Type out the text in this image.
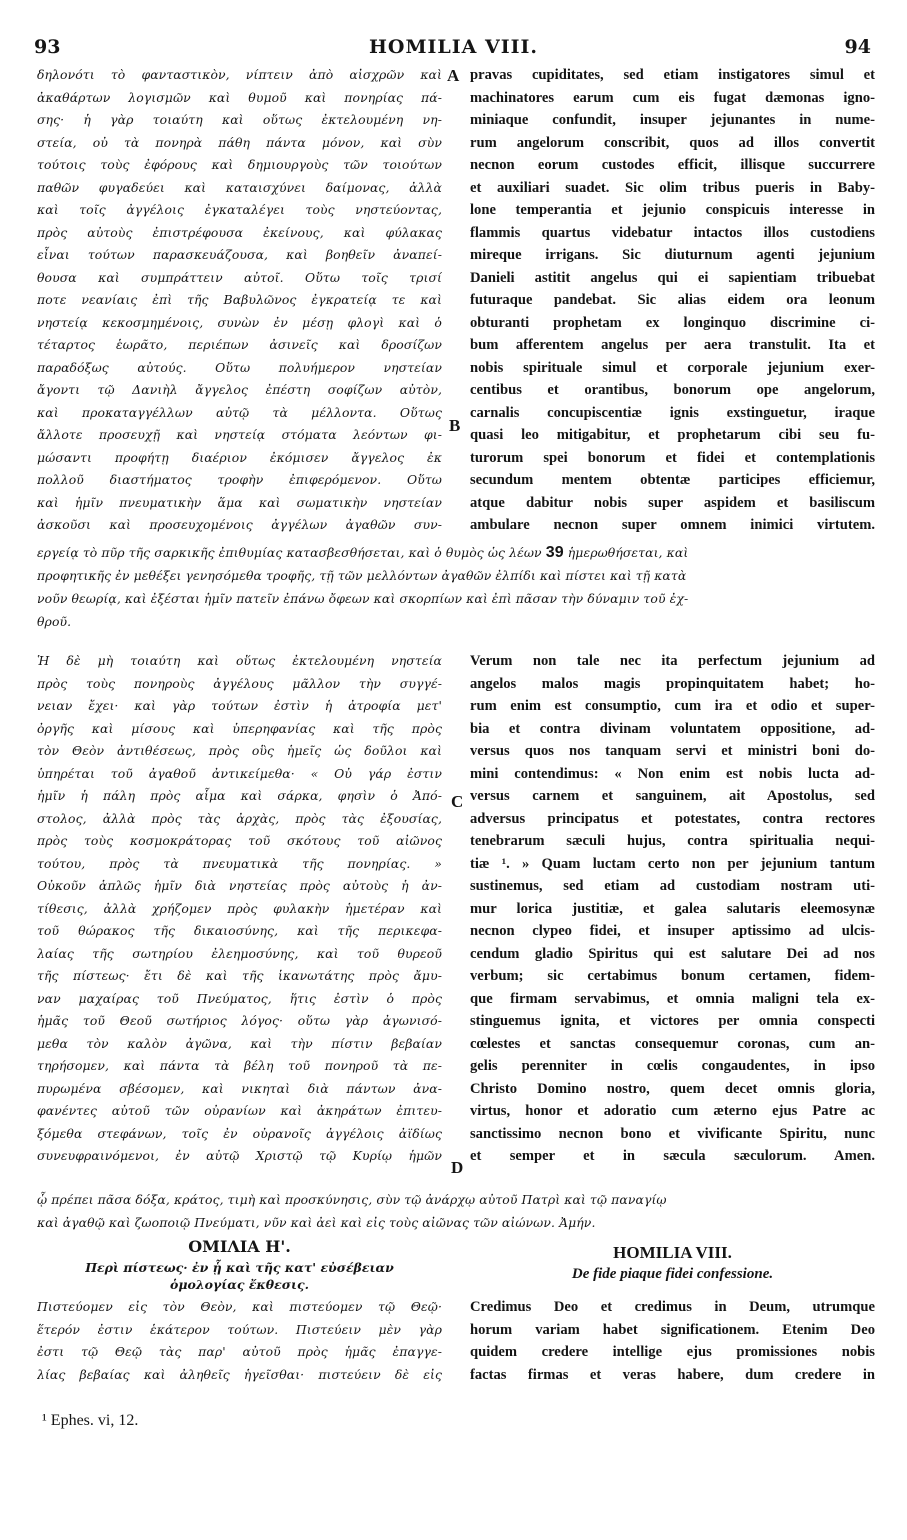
93	HOMILIA VIII.	94
δηλονότι τὸ φανταστικὸν, νίπτειν ἀπὸ αἰσχρῶν καὶ
ἀκαθάρτων λογισμῶν καὶ θυμοῦ καὶ πονηρίας πά-
σης· ἡ γὰρ τοιαύτη καὶ οὕτως ἐκτελουμένη νη-
στεία, οὐ τὰ πονηρὰ πάθη πάντα μόνον, καὶ σὺν
τούτοις τοὺς ἐφόρους καὶ δημιουργοὺς τῶν τοιούτων
παθῶν φυγαδεύει καὶ καταισχύνει δαίμονας, ἀλλὰ
καὶ τοῖς ἀγγέλοις ἐγκαταλέγει τοὺς νηστεύοντας,
πρὸς αὐτοὺς ἐπιστρέφουσα ἐκείνους, καὶ φύλακας
εἶναι τούτων παρασκευάζουσα, καὶ βοηθεῖν ἀναπεί-
θουσα καὶ συμπράττειν αὐτοῖ. Οὕτω τοῖς τρισί
ποτε νεανίαις ἐπὶ τῆς Βαβυλῶνος ἐγκρατείᾳ τε καὶ
νηστείᾳ κεκοσμημένοις, συνὼν ἐν μέσῃ φλογὶ καὶ ὁ
τέταρτος ἑωρᾶτο, περιέπων ἀσινεῖς καὶ δροσίζων
παραδόξως αὐτούς. Οὕτω πολυήμερον νηστείαν
ἄγοντι τῷ Δανιὴλ ἄγγελος ἐπέστη σοφίζων αὐτὸν,
καὶ προκαταγγέλλων αὐτῷ τὰ μέλλοντα. Οὕτως
ἄλλοτε προσευχῇ καὶ νηστείᾳ στόματα λεόντων φι-
μώσαντι προφήτῃ διαέριον ἐκόμισεν ἄγγελος ἐκ
πολλοῦ διαστήματος τροφὴν ἐπιφερόμενον. Οὕτω
καὶ ἡμῖν πνευματικὴν ἅμα καὶ σωματικὴν νηστείαν
ἀσκοῦσι καὶ προσευχομένοις ἀγγέλων ἀγαθῶν συν-
pravas cupiditates, sed etiam instigatores simul et
machinatores earum cum eis fugat dæmonas igno-
miniaque confundit, insuper jejunantes in nume-
rum angelorum conscribit, quos ad illos convertit
necnon eorum custodes efficit, illisque succurrere
et auxiliari suadet. Sic olim tribus pueris in Baby-
lone temperantia et jejunio conspicuis interesse in
flammis quartus videbatur intactos illos custodiens
mireque irrigans. Sic diuturnum agenti jejunium
Danieli astitit angelus qui ei sapientiam tribuebat
futuraque pandebat. Sic alias eidem ora leonum
obturanti prophetam ex longinquo discrimine ci-
bum afferentem angelus per aera transtulit. Ita et
nobis spirituale simul et corporale jejunium exer-
centibus et orantibus, bonorum ope angelorum,
carnalis concupiscentiæ ignis exstinguetur, iraque
quasi leo mitigabitur, et prophetarum cibi seu fu-
turorum spei bonorum et fidei et contemplationis
secundum mentem obtentæ participes efficiemur,
atque dabitur nobis super aspidem et basiliscum
ambulare necnon super omnem inimici virtutem.
A
B
εργείᾳ τὸ πῦρ τῆς σαρκικῆς ἐπιθυμίας κατασβεσθήσεται, καὶ ὁ θυμὸς ὡς λέων 39 ἡμερωθήσεται, καὶ
προφητικῆς ἐν μεθέξει γενησόμεθα τροφῆς, τῇ τῶν μελλόντων ἀγαθῶν ἐλπίδι καὶ πίστει καὶ τῇ κατὰ
νοῦν θεωρίᾳ, καὶ ἐξέσται ἡμῖν πατεῖν ἐπάνω ὄφεων καὶ σκορπίων καὶ ἐπὶ πᾶσαν τὴν δύναμιν τοῦ ἐχ-
θροῦ.
Ἡ δὲ μὴ τοιαύτη καὶ οὕτως ἐκτελουμένη νηστεία
πρὸς τοὺς πονηροὺς ἀγγέλους μᾶλλον τὴν συγγέ-
νειαν ἔχει· καὶ γὰρ τούτων ἐστὶν ἡ ἀτροφία μετ'
ὀργῆς καὶ μίσους καὶ ὑπερηφανίας καὶ τῆς πρὸς
τὸν Θεὸν ἀντιθέσεως, πρὸς οὓς ἡμεῖς ὡς δοῦλοι καὶ
ὑπηρέται τοῦ ἀγαθοῦ ἀντικείμεθα· « Οὐ γάρ ἐστιν
ἡμῖν ἡ πάλη πρὸς αἷμα καὶ σάρκα, φησὶν ὁ Ἀπό-
στολος, ἀλλὰ πρὸς τὰς ἀρχὰς, πρὸς τὰς ἐξουσίας,
πρὸς τοὺς κοσμοκράτορας τοῦ σκότους τοῦ αἰῶνος
τούτου, πρὸς τὰ πνευματικὰ τῆς πονηρίας. »
Οὐκοῦν ἁπλῶς ἡμῖν διὰ νηστείας πρὸς αὐτοὺς ἡ ἀν-
τίθεσις, ἀλλὰ χρήζομεν πρὸς φυλακὴν ἡμετέραν καὶ
τοῦ θώρακος τῆς δικαιοσύνης, καὶ τῆς περικεφα-
λαίας τῆς σωτηρίου ἐλεημοσύνης, καὶ τοῦ θυρεοῦ
τῆς πίστεως· ἔτι δὲ καὶ τῆς ἱκανωτάτης πρὸς ἄμυ-
ναν μαχαίρας τοῦ Πνεύματος, ἥτις ἐστὶν ὁ πρὸς
ἡμᾶς τοῦ Θεοῦ σωτήριος λόγος· οὕτω γὰρ ἀγωνισό-
μεθα τὸν καλὸν ἀγῶνα, καὶ τὴν πίστιν βεβαίαν
τηρήσομεν, καὶ πάντα τὰ βέλη τοῦ πονηροῦ τὰ πε-
πυρωμένα σβέσομεν, καὶ νικηταὶ διὰ πάντων ἀνα-
φανέντες αὐτοῦ τῶν οὐρανίων καὶ ἀκηράτων ἐπιτευ-
ξόμεθα στεφάνων, τοῖς ἐν οὐρανοῖς ἀγγέλοις ἀϊδίως
συνευφραινόμενοι, ἐν αὐτῷ Χριστῷ τῷ Κυρίῳ ἡμῶν
Verum non tale nec ita perfectum jejunium ad
angelos malos magis propinquitatem habet; ho-
rum enim est consumptio, cum ira et odio et super-
bia et contra divinam voluntatem oppositione, ad-
versus quos nos tanquam servi et ministri boni do-
mini contendimus: « Non enim est nobis lucta ad-
versus carnem et sanguinem, ait Apostolus, sed
adversus principatus et potestates, contra rectores
tenebrarum sæculi hujus, contra spiritualia nequi-
tiæ ¹. » Quam luctam certo non per jejunium tantum
sustinemus, sed etiam ad custodiam nostram uti-
mur lorica justitiæ, et galea salutaris eleemosynæ
necnon clypeo fidei, et insuper aptissimo ad ulcis-
cendum gladio Spiritus qui est salutare Dei ad nos
verbum; sic certabimus bonum certamen, fidem-
que firmam servabimus, et omnia maligni tela ex-
stinguemus ignita, et victores per omnia conspecti
cœlestes et sanctas consequemur coronas, cum an-
gelis perenniter in cœlis congaudentes, in ipso
Christo Domino nostro, quem decet omnis gloria,
virtus, honor et adoratio cum æterno ejus Patre ac
sanctissimo necnon bono et vivificante Spiritu, nunc
et semper et in sæcula sæculorum. Amen.
C
D
ᾧ πρέπει πᾶσα δόξα, κράτος, τιμὴ καὶ προσκύνησις, σὺν τῷ ἀνάρχῳ αὐτοῦ Πατρὶ καὶ τῷ παναγίῳ
καὶ ἀγαθῷ καὶ ζωοποιῷ Πνεύματι, νῦν καὶ ἀεὶ καὶ εἰς τοὺς αἰῶνας τῶν αἰώνων. Ἀμήν.
ΟΜΙΛΙΑ Η'.
Περὶ πίστεως· ἐν ᾗ καὶ τῆς κατ' εὐσέβειαν
ὁμολογίας ἔκθεσις.
HOMILIA VIII.
De fide piaque fidei confessione.
Πιστεύομεν εἰς τὸν Θεὸν, καὶ πιστεύομεν τῷ Θεῷ·
ἕτερόν ἐστιν ἑκάτερον τούτων. Πιστεύειν μὲν γὰρ
ἐστι τῷ Θεῷ τὰς παρ' αὐτοῦ πρὸς ἡμᾶς ἐπαγγε-
λίας βεβαίας καὶ ἀληθεῖς ἡγεῖσθαι· πιστεύειν δὲ εἰς
Credimus Deo et credimus in Deum, utrumque
horum variam habet significationem. Etenim Deo
quidem credere intellige ejus promissiones nobis
factas firmas et veras habere, dum credere in
¹ Ephes. vi, 12.
